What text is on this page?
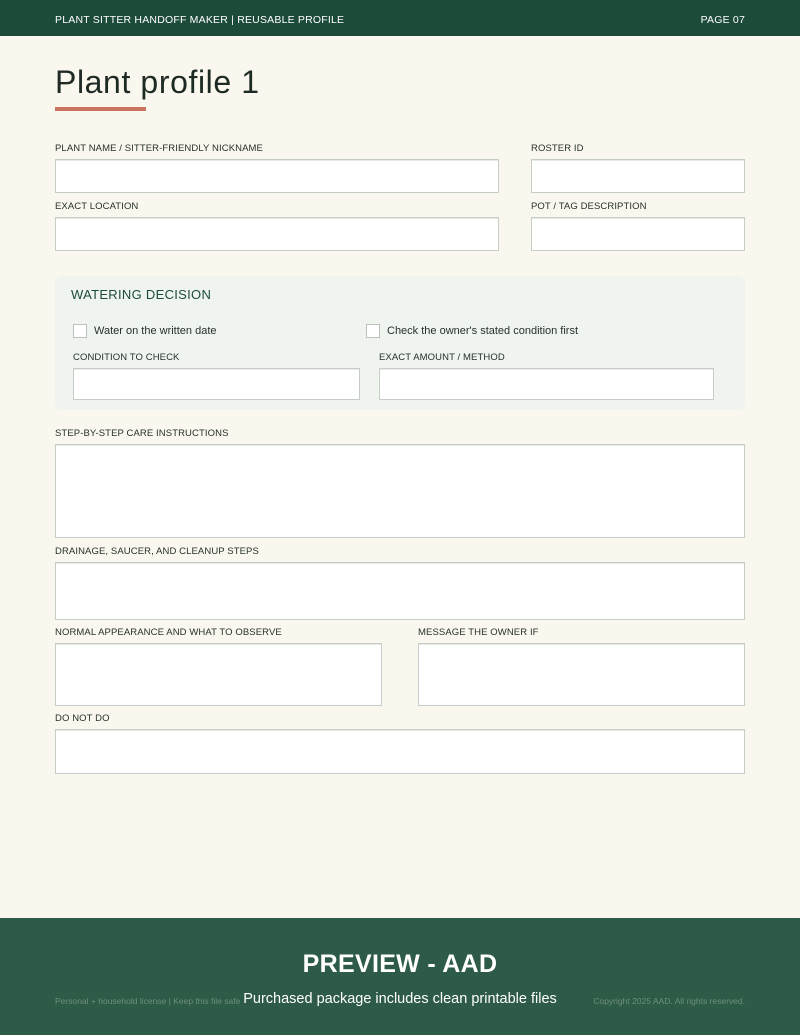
PLANT SITTER HANDOFF MAKER | REUSABLE PROFILE	PAGE 07
Plant profile 1
PLANT NAME / SITTER-FRIENDLY NICKNAME	ROSTER ID
EXACT LOCATION	POT / TAG DESCRIPTION
WATERING DECISION
Water on the written date	Check the owner's stated condition first
CONDITION TO CHECK	EXACT AMOUNT / METHOD
STEP-BY-STEP CARE INSTRUCTIONS
DRAINAGE, SAUCER, AND CLEANUP STEPS
NORMAL APPEARANCE AND WHAT TO OBSERVE	MESSAGE THE OWNER IF
DO NOT DO
Personal + household license | Keep this file safe	Copyright 2025 AAD. All rights reserved.
PREVIEW - AAD
Purchased package includes clean printable files
